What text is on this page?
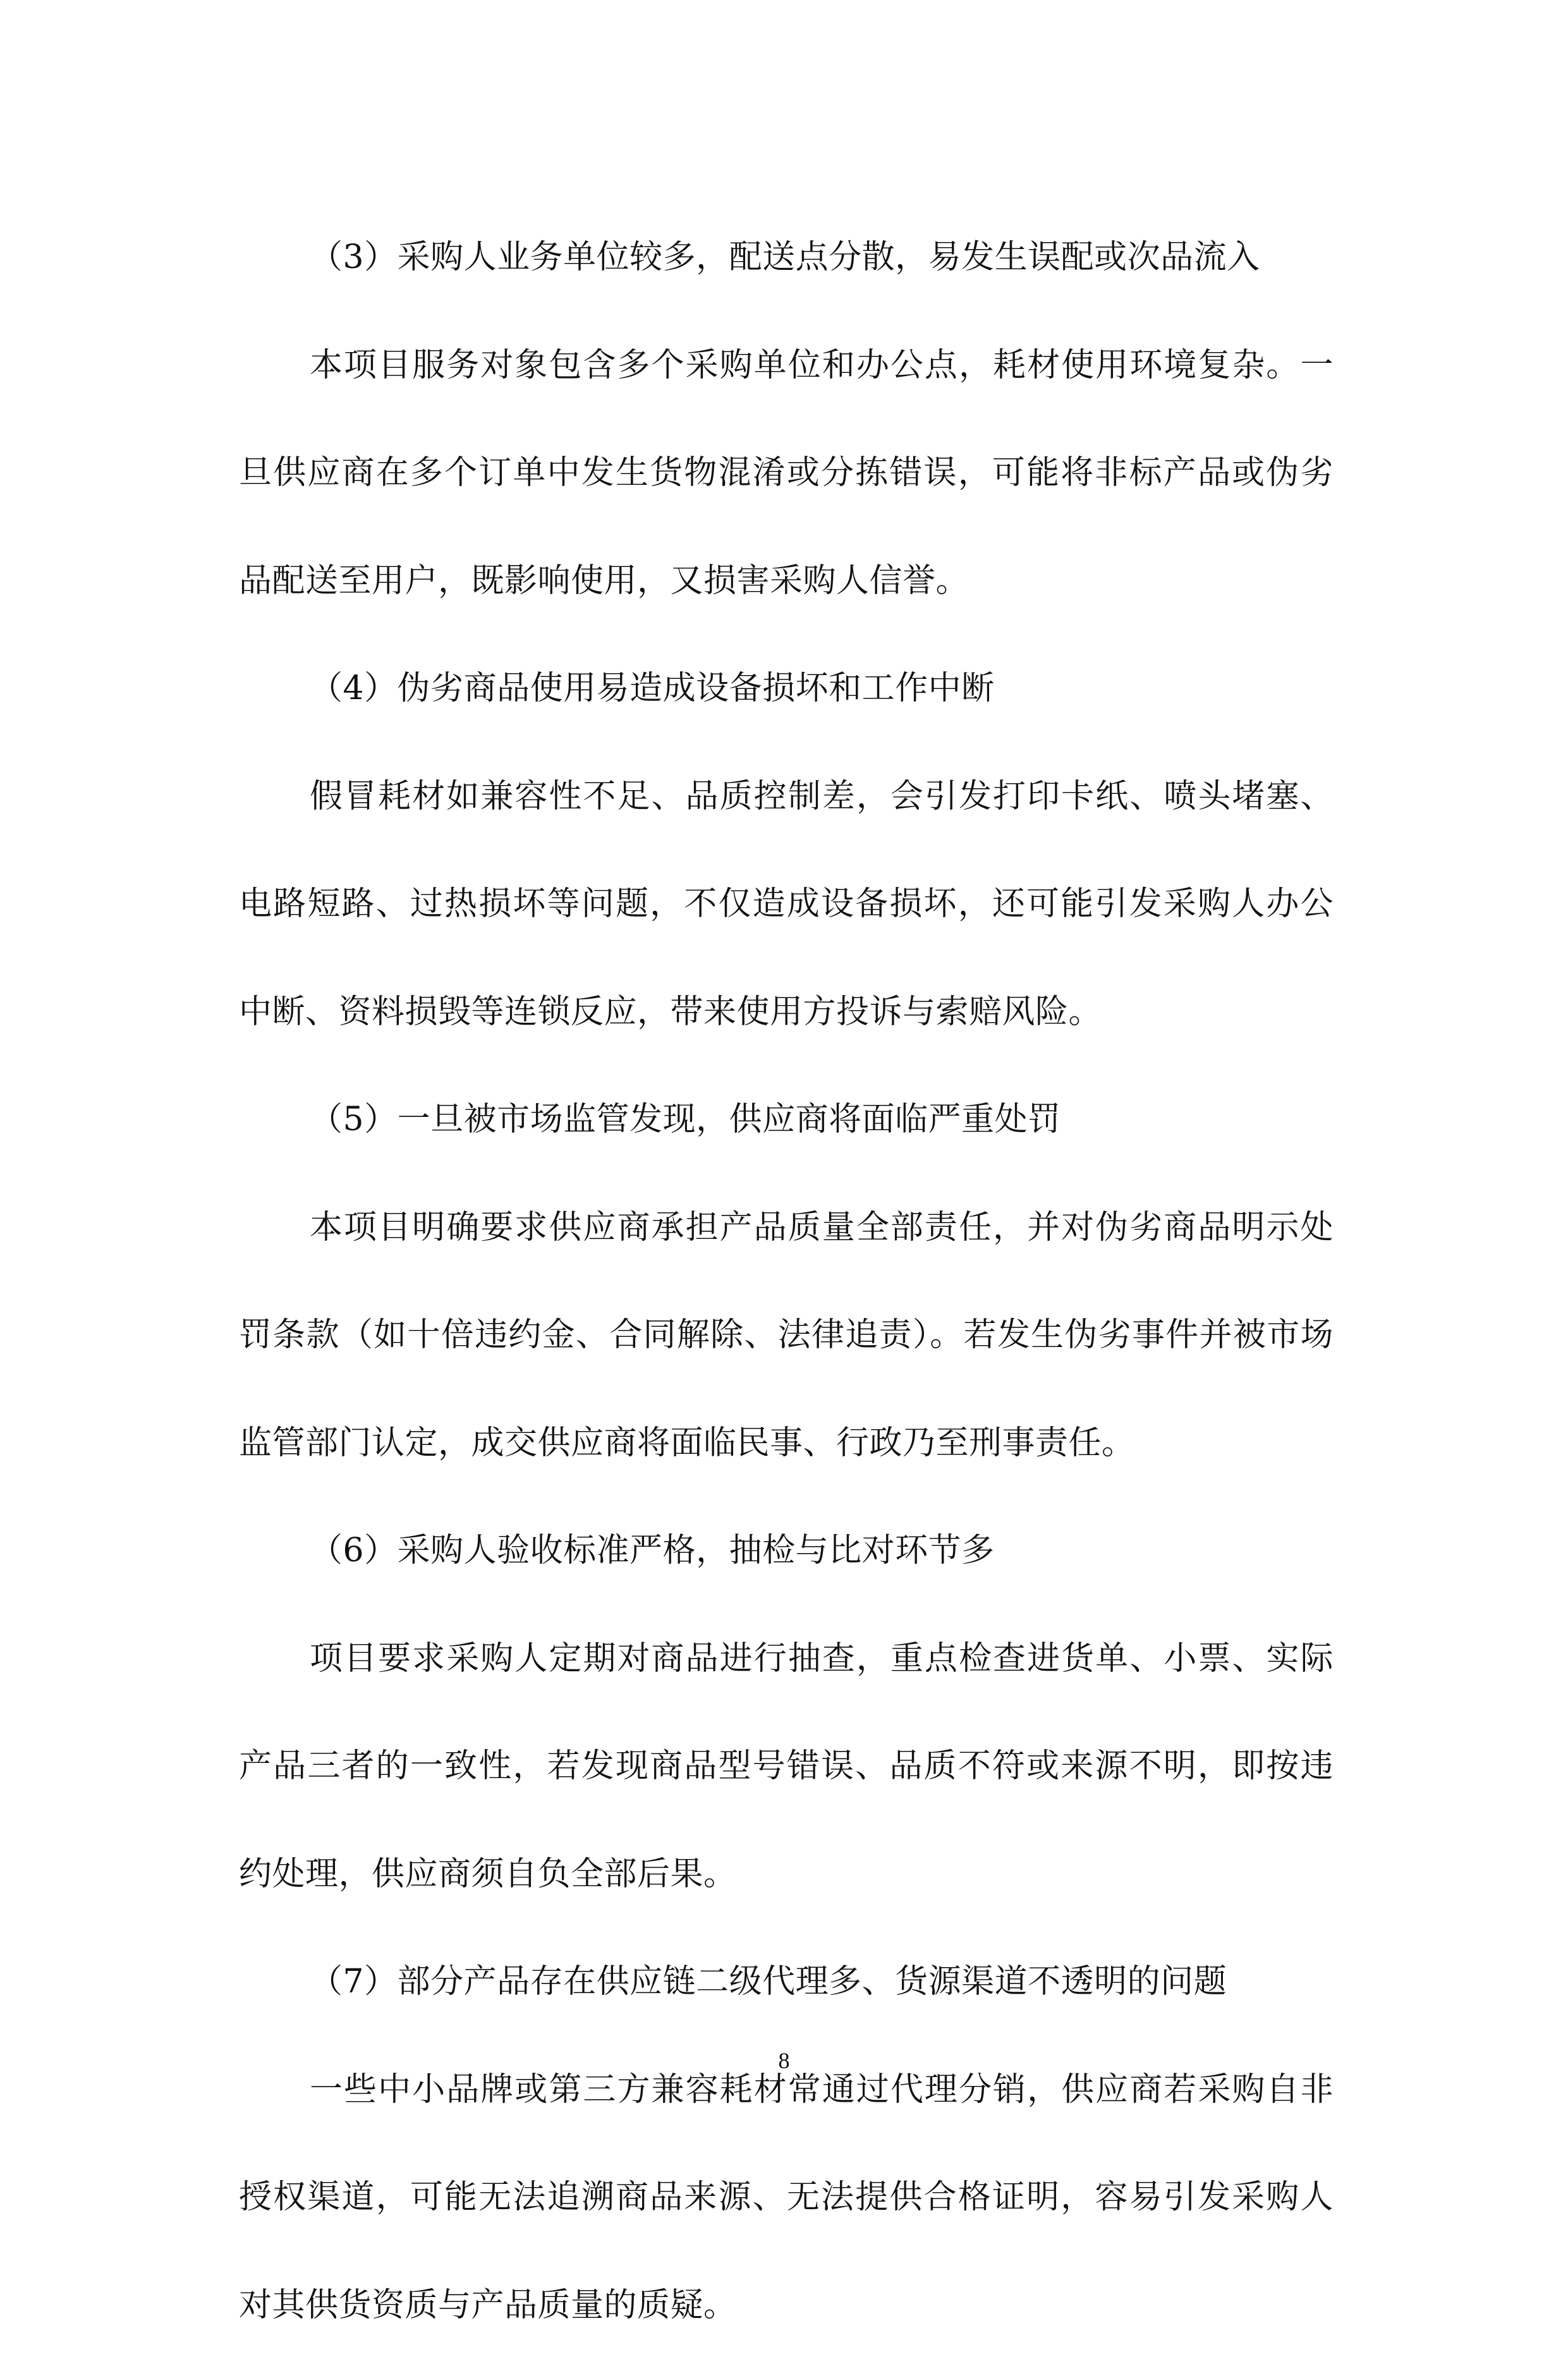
（3）采购人业务单位较多，配送点分散，易发生误配或次品流入

本项目服务对象包含多个采购单位和办公点，耗材使用环境复杂。一旦供应商在多个订单中发生货物混淆或分拣错误，可能将非标产品或伪劣品配送至用户，既影响使用，又损害采购人信誉。

（4）伪劣商品使用易造成设备损坏和工作中断

假冒耗材如兼容性不足、品质控制差，会引发打印卡纸、喷头堵塞、电路短路、过热损坏等问题，不仅造成设备损坏，还可能引发采购人办公中断、资料损毁等连锁反应，带来使用方投诉与索赔风险。

（5）一旦被市场监管发现，供应商将面临严重处罚

本项目明确要求供应商承担产品质量全部责任，并对伪劣商品明示处罚条款（如十倍违约金、合同解除、法律追责）。若发生伪劣事件并被市场监管部门认定，成交供应商将面临民事、行政乃至刑事责任。

（6）采购人验收标准严格，抽检与比对环节多

项目要求采购人定期对商品进行抽查，重点检查进货单、小票、实际产品三者的一致性，若发现商品型号错误、品质不符或来源不明，即按违约处理，供应商须自负全部后果。

（7）部分产品存在供应链二级代理多、货源渠道不透明的问题

一些中小品牌或第三方兼容耗材常通过代理分销，供应商若采购自非授权渠道，可能无法追溯商品来源、无法提供合格证明，容易引发采购人对其供货资质与产品质量的质疑。

8
